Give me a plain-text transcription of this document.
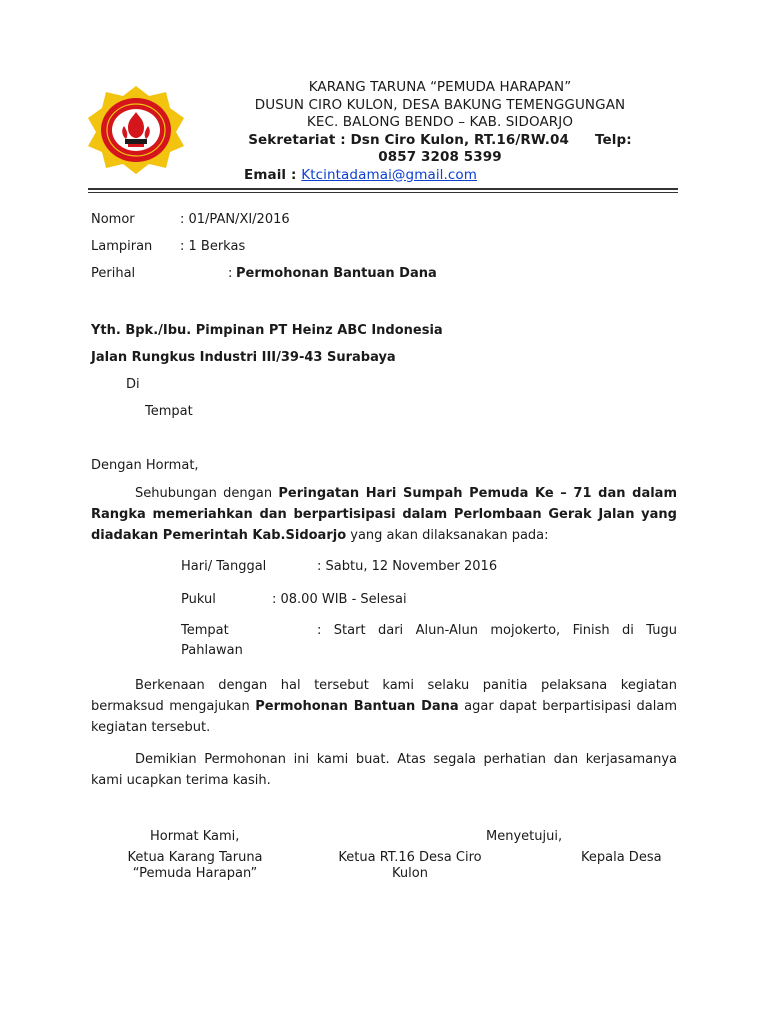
KARANG TARUNA “PEMUDA HARAPAN”
DUSUN CIRO KULON, DESA BAKUNG TEMENGGUNGAN
KEC. BALONG BENDO – KAB. SIDOARJO
Sekretariat : Dsn Ciro Kulon, RT.16/RW.04 Telp:
0857 3208 5399
Email : Ktcintadamai@gmail.com
Nomor	: 01/PAN/XI/2016
Lampiran : 1 Berkas
Perihal	: Permohonan Bantuan Dana
Yth. Bpk./Ibu. Pimpinan PT Heinz ABC Indonesia
Jalan Rungkus Industri III/39-43 Surabaya
Di
Tempat
Dengan Hormat,
Sehubungan dengan Peringatan Hari Sumpah Pemuda Ke – 71 dan dalam Rangka memeriahkan dan berpartisipasi dalam Perlombaan Gerak Jalan yang diadakan Pemerintah Kab.Sidoarjo yang akan dilaksanakan pada:
Hari/ Tanggal	: Sabtu, 12 November 2016
Pukul	: 08.00 WIB - Selesai
Tempat	: Start dari Alun-Alun mojokerto, Finish di Tugu
Pahlawan
Berkenaan dengan hal tersebut kami selaku panitia pelaksana kegiatan bermaksud mengajukan Permohonan Bantuan Dana agar dapat berpartisipasi dalam kegiatan tersebut.
Demikian Permohonan ini kami buat. Atas segala perhatian dan kerjasamanya kami ucapkan terima kasih.
Hormat Kami,	Menyetujui,
Ketua Karang Taruna
“Pemuda Harapan”
Ketua RT.16 Desa Ciro
Kulon
Kepala Desa
